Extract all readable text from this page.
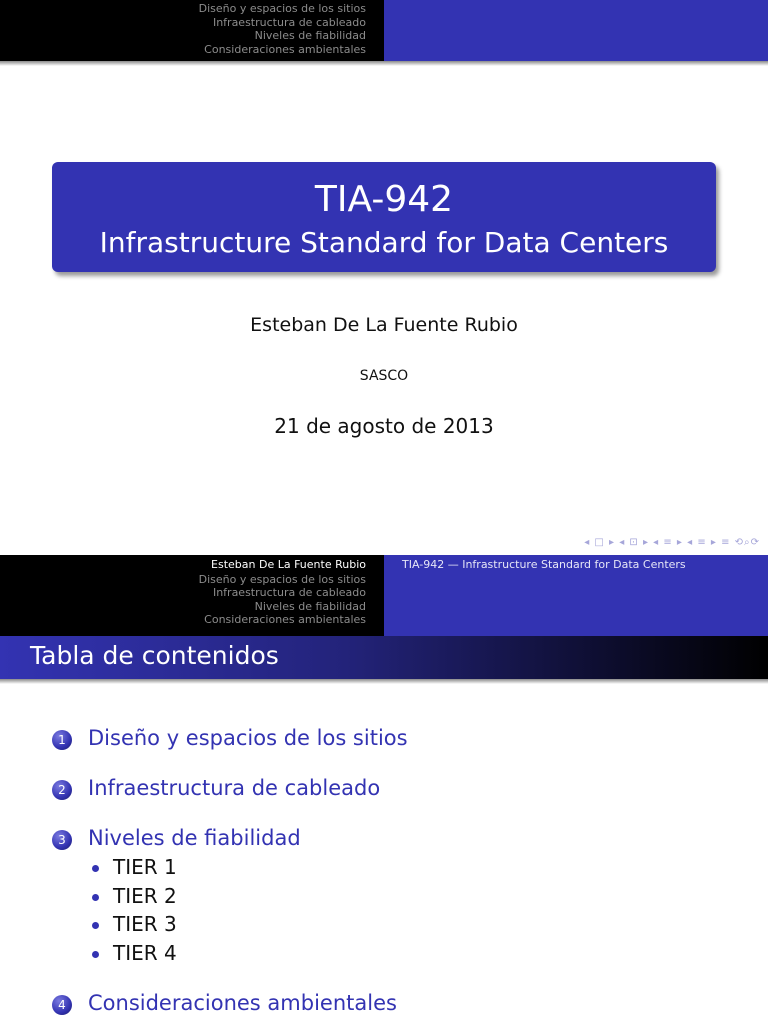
Diseño y espacios de los sitios
Infraestructura de cableado
Niveles de fiabilidad
Consideraciones ambientales
TIA-942
Infrastructure Standard for Data Centers
Esteban De La Fuente Rubio
SASCO
21 de agosto de 2013
◂ □ ▸ ◂ ⊡ ▸ ◂ ≡ ▸ ◂ ≡ ▸ ≡ ⟲⌕⟳
Esteban De La Fuente Rubio
Diseño y espacios de los sitios
Infraestructura de cableado
Niveles de fiabilidad
Consideraciones ambientales
TIA-942 — Infrastructure Standard for Data Centers
Tabla de contenidos
1 Diseño y espacios de los sitios
2 Infraestructura de cableado
3 Niveles de fiabilidad
TIER 1
TIER 2
TIER 3
TIER 4
4 Consideraciones ambientales
